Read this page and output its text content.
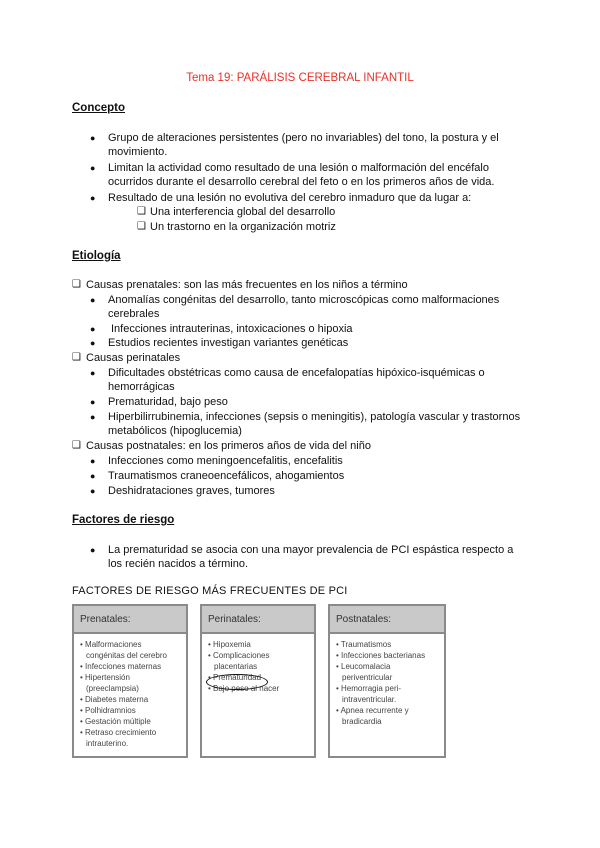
Tema 19: PARÁLISIS CEREBRAL INFANTIL
Concepto
● Grupo de alteraciones persistentes (pero no invariables) del tono, la postura y el
movimiento.
● Limitan la actividad como resultado de una lesión o malformación del encéfalo
ocurridos durante el desarrollo cerebral del feto o en los primeros años de vida.
● Resultado de una lesión no evolutiva del cerebro inmaduro que da lugar a:
❑ Una interferencia global del desarrollo
❑ Un trastorno en la organización motriz
Etiología
❑ Causas prenatales: son las más frecuentes en los niños a término
● Anomalías congénitas del desarrollo, tanto microscópicas como malformaciones
cerebrales
● Infecciones intrauterinas, intoxicaciones o hipoxia
● Estudios recientes investigan variantes genéticas
❑ Causas perinatales
● Dificultades obstétricas como causa de encefalopatías hipóxico-isquémicas o
hemorrágicas
● Prematuridad, bajo peso
● Hiperbilirrubinemia, infecciones (sepsis o meningitis), patología vascular y trastornos
metabólicos (hipoglucemia)
❑ Causas postnatales: en los primeros años de vida del niño
● Infecciones como meningoencefalitis, encefalitis
● Traumatismos craneoencefálicos, ahogamientos
● Deshidrataciones graves, tumores
Factores de riesgo
● La prematuridad se asocia con una mayor prevalencia de PCI espástica respecto a
los recién nacidos a término.
FACTORES DE RIESGO MÁS FRECUENTES DE PCI
Prenatales:
• Malformaciones
congénitas del cerebro
• Infecciones maternas
• Hipertensión
(preeclampsia)
• Diabetes materna
• Polhidramnios
• Gestación múltiple
• Retraso crecimiento
intrauterino.
Perinatales:
• Hipoxemia
• Complicaciones
placentarias
• Prematuridad
• Bajo peso al nacer
Postnatales:
• Traumatismos
• Infecciones bacterianas
• Leucomalacia
periventricular
• Hemorragia peri-
intraventricular.
• Apnea recurrente y
bradicardia
